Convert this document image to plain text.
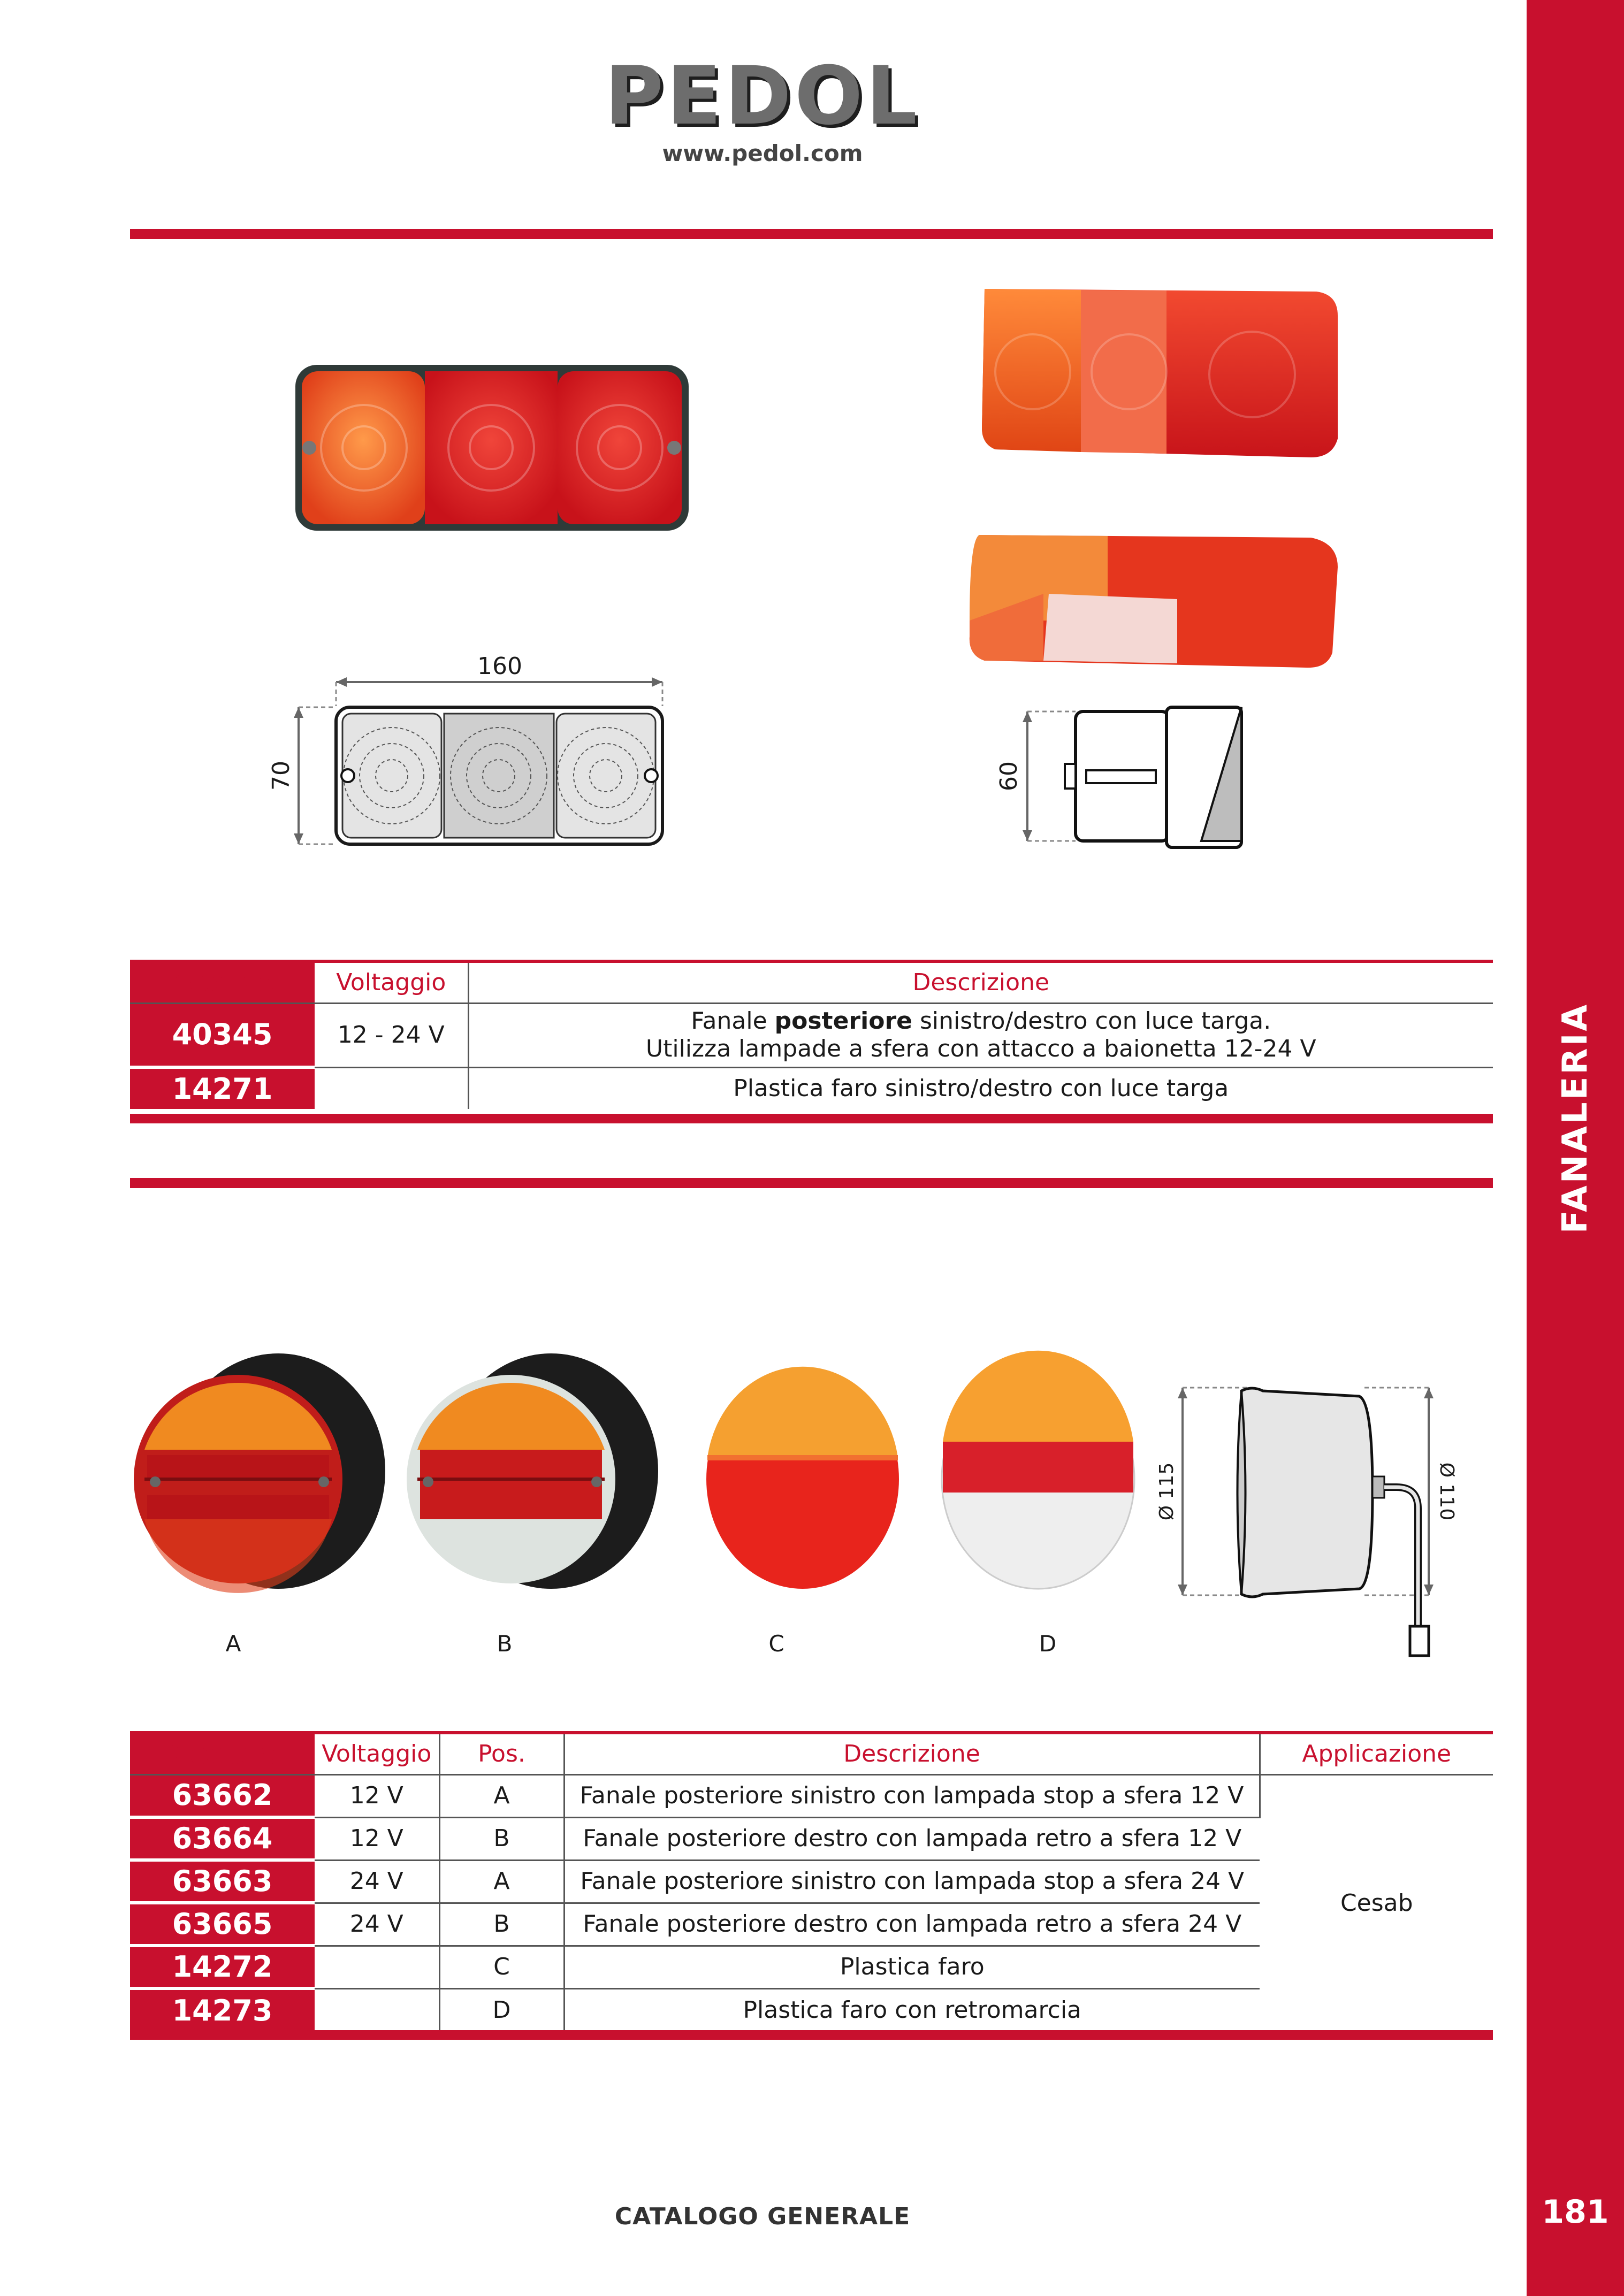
FANALERIA
181
PEDOL
www.pedol.com
160
70	60
Codice	Voltaggio	Descrizione
40345	12 - 24 V	Fanale posteriore sinistro/destro con luce targa.
Utilizza lampade a sfera con attacco a baionetta 12-24 V
14271		Plastica faro sinistro/destro con luce targa
Ø 115	Ø 110
A	B	C	D
Codice	Voltaggio	Pos.	Descrizione	Applicazione
63662	12 V	A	Fanale posteriore sinistro con lampada stop a sfera 12 V	Cesab
63664	12 V	B	Fanale posteriore destro con lampada retro a sfera 12 V	
63663	24 V	A	Fanale posteriore sinistro con lampada stop a sfera 24 V	
63665	24 V	B	Fanale posteriore destro con lampada retro a sfera 24 V	
14272		C	Plastica faro	
14273		D	Plastica faro con retromarcia	
CATALOGO GENERALE
